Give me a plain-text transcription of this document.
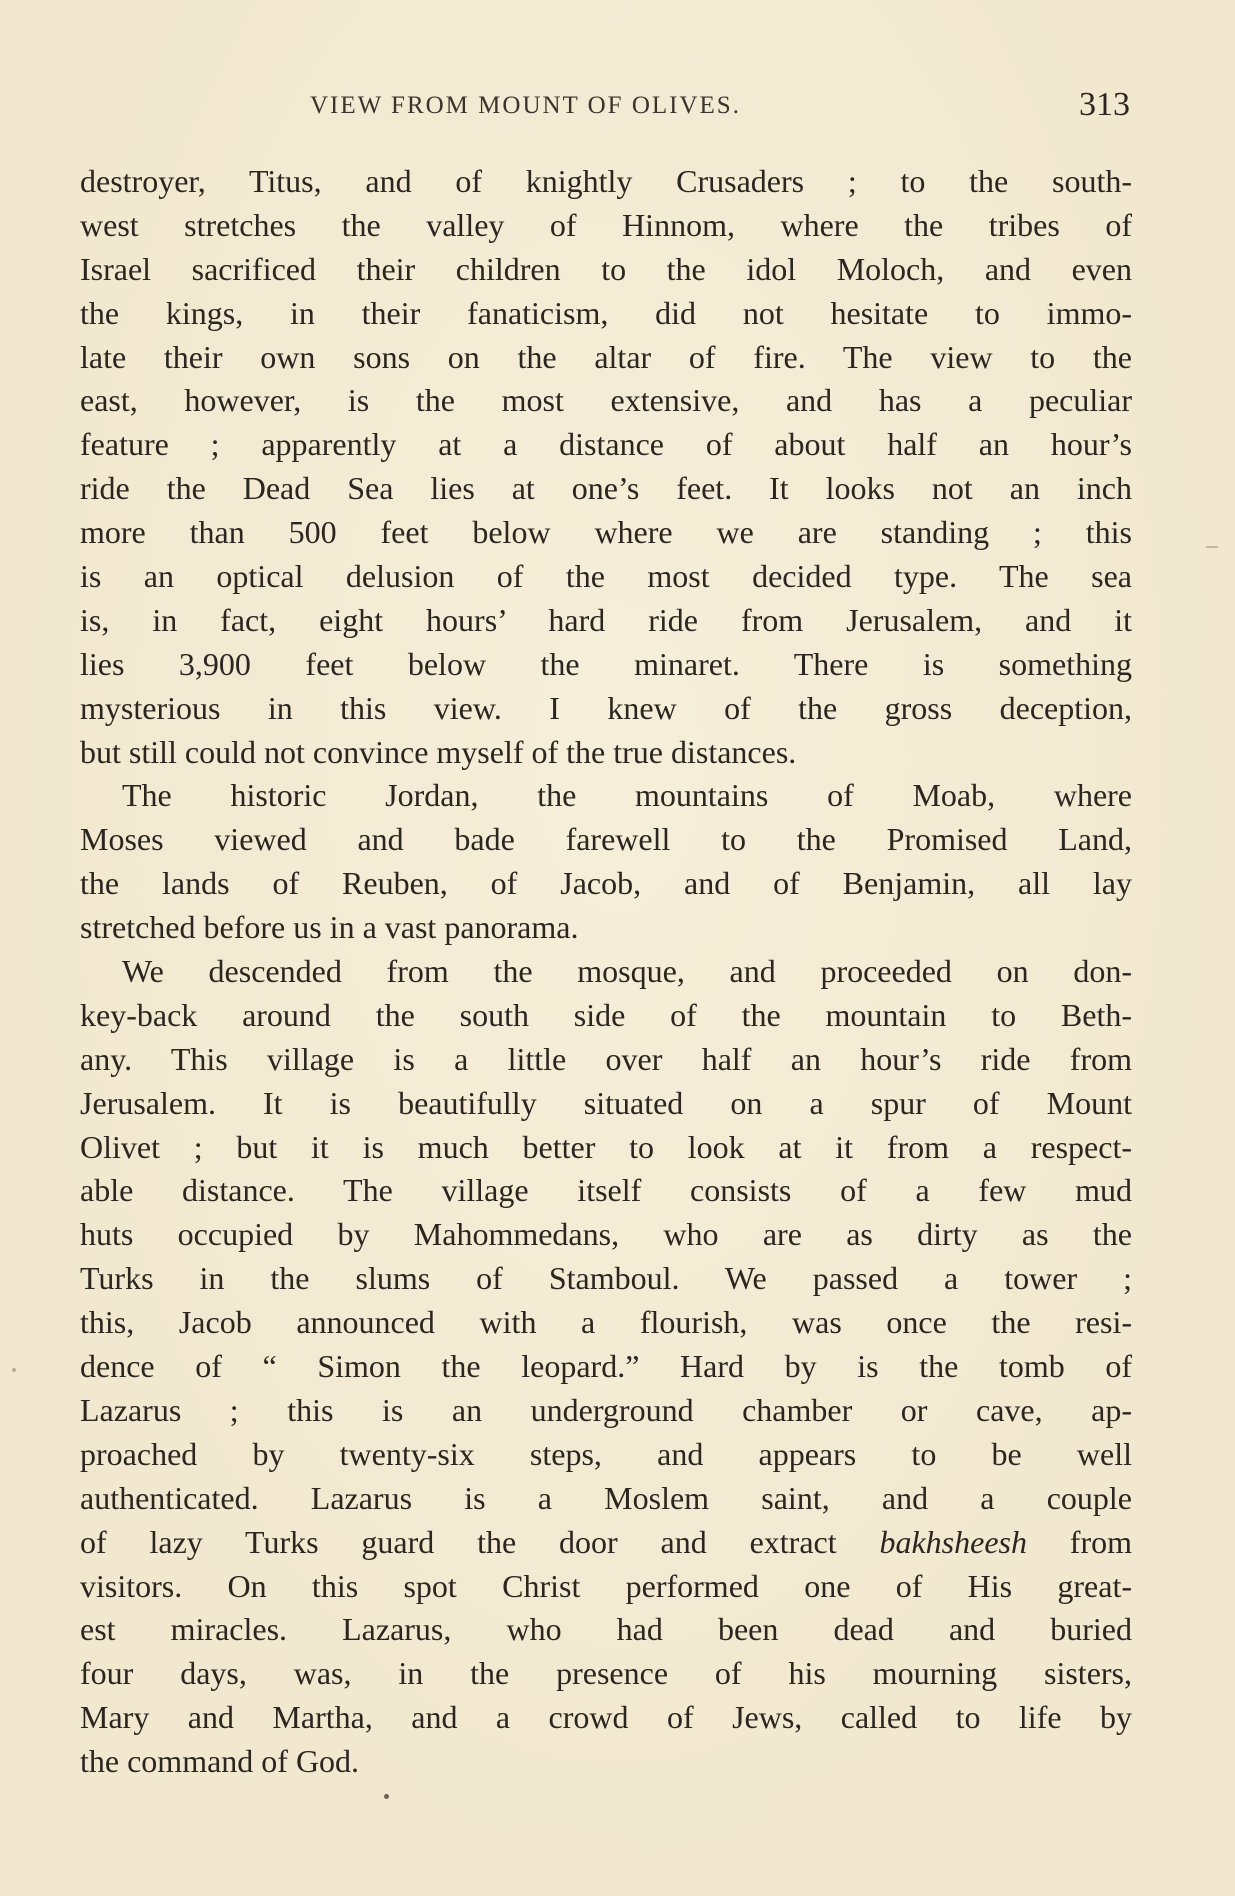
VIEW FROM MOUNT OF OLIVES.	313
destroyer, Titus, and of knightly Crusaders ; to the south-
west stretches the valley of Hinnom, where the tribes of
Israel sacrificed their children to the idol Moloch, and even
the kings, in their fanaticism, did not hesitate to immo-
late their own sons on the altar of fire. The view to the
east, however, is the most extensive, and has a peculiar
feature ; apparently at a distance of about half an hour’s
ride the Dead Sea lies at one’s feet. It looks not an inch
more than 500 feet below where we are standing ; this
is an optical delusion of the most decided type. The sea
is, in fact, eight hours’ hard ride from Jerusalem, and it
lies 3,900 feet below the minaret. There is something
mysterious in this view. I knew of the gross deception,
but still could not convince myself of the true distances.
The historic Jordan, the mountains of Moab, where
Moses viewed and bade farewell to the Promised Land,
the lands of Reuben, of Jacob, and of Benjamin, all lay
stretched before us in a vast panorama.
We descended from the mosque, and proceeded on don-
key-back around the south side of the mountain to Beth-
any. This village is a little over half an hour’s ride from
Jerusalem. It is beautifully situated on a spur of Mount
Olivet ; but it is much better to look at it from a respect-
able distance. The village itself consists of a few mud
huts occupied by Mahommedans, who are as dirty as the
Turks in the slums of Stamboul. We passed a tower ;
this, Jacob announced with a flourish, was once the resi-
dence of “ Simon the leopard.” Hard by is the tomb of
Lazarus ; this is an underground chamber or cave, ap-
proached by twenty-six steps, and appears to be well
authenticated. Lazarus is a Moslem saint, and a couple
of lazy Turks guard the door and extract bakhsheesh from
visitors. On this spot Christ performed one of His great-
est miracles. Lazarus, who had been dead and buried
four days, was, in the presence of his mourning sisters,
Mary and Martha, and a crowd of Jews, called to life by
the command of God.
